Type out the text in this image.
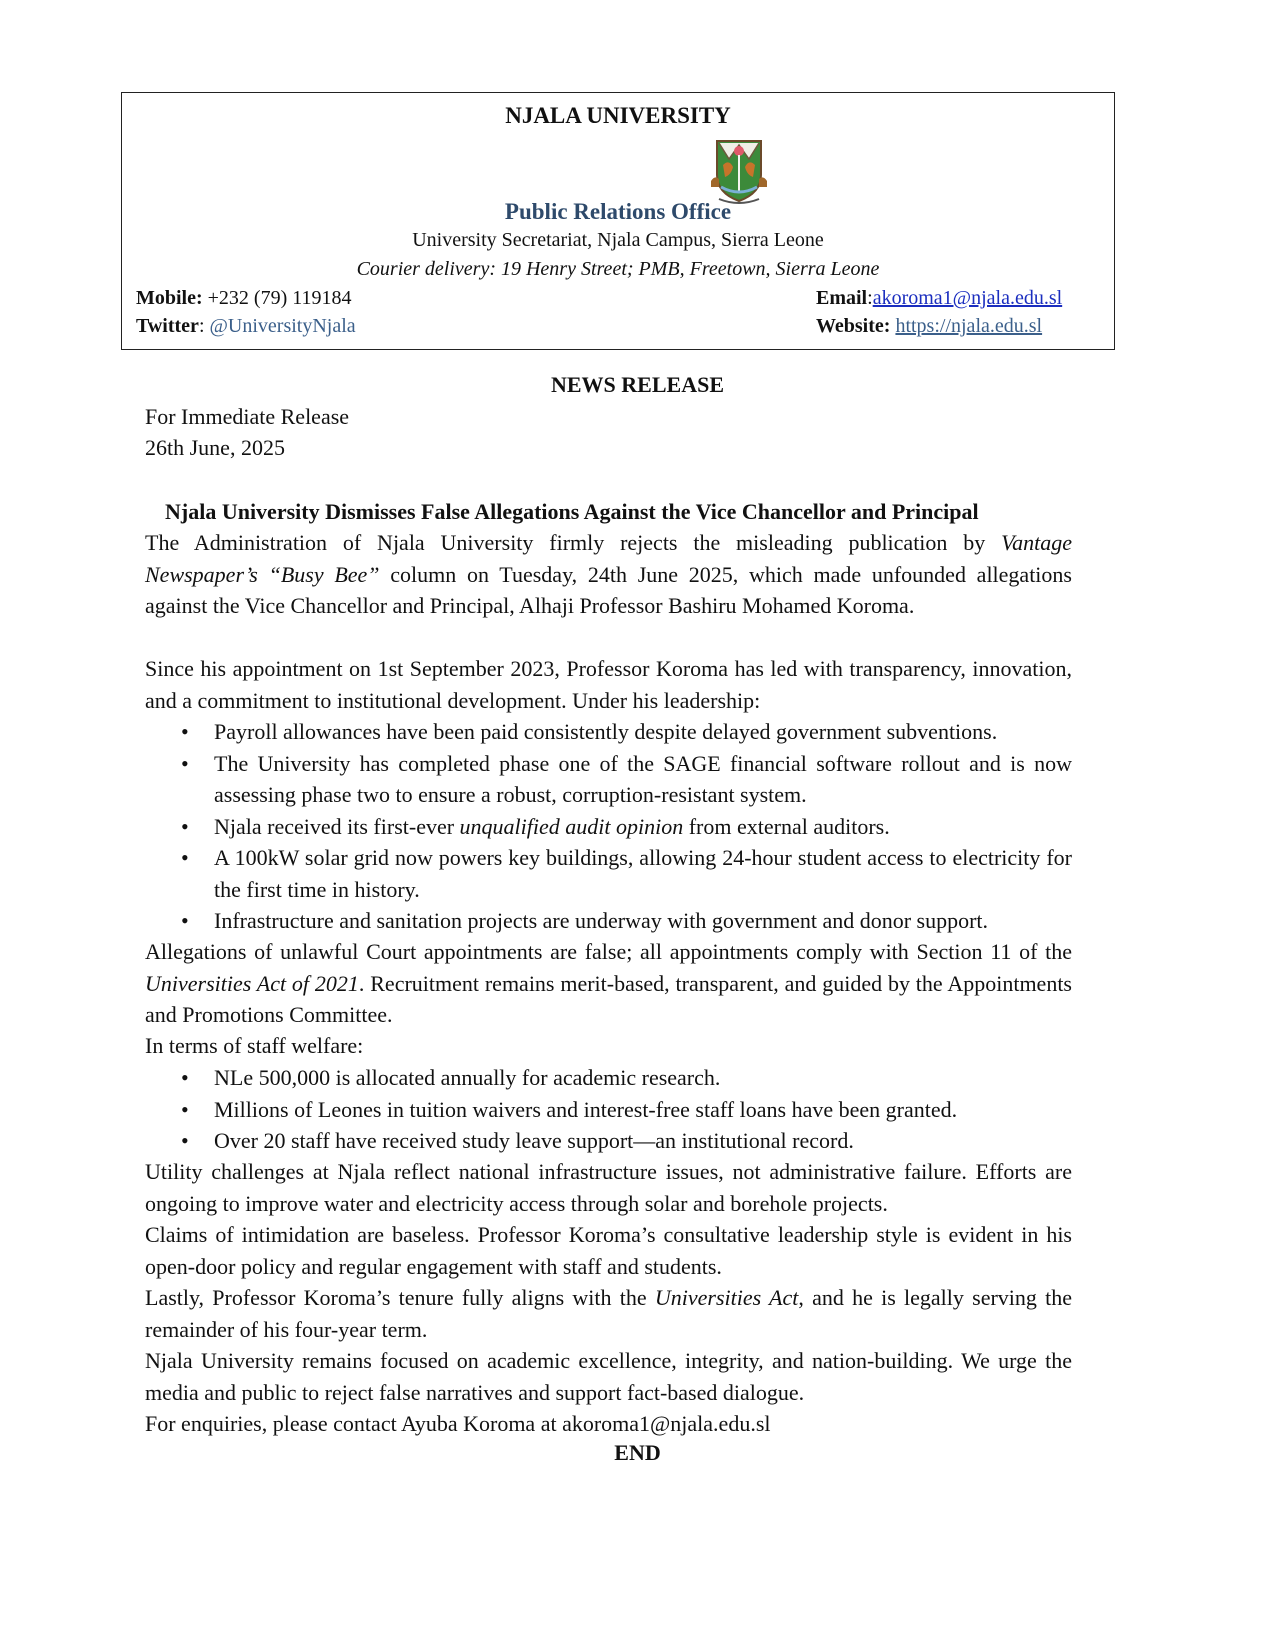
NJALA UNIVERSITY
Public Relations Office
University Secretariat, Njala Campus, Sierra Leone
Courier delivery: 19 Henry Street; PMB, Freetown, Sierra Leone
Mobile: +232 (79) 119184
Twitter: @UniversityNjala
Email:akoroma1@njala.edu.sl
Website: https://njala.edu.sl
NEWS RELEASE
For Immediate Release
26th June, 2025
Njala University Dismisses False Allegations Against the Vice Chancellor and Principal
The Administration of Njala University firmly rejects the misleading publication by Vantage Newspaper’s “Busy Bee” column on Tuesday, 24th June 2025, which made unfounded allegations against the Vice Chancellor and Principal, Alhaji Professor Bashiru Mohamed Koroma.
Since his appointment on 1st September 2023, Professor Koroma has led with transparency, innovation, and a commitment to institutional development. Under his leadership:
• Payroll allowances have been paid consistently despite delayed government subventions.
• The University has completed phase one of the SAGE financial software rollout and is now assessing phase two to ensure a robust, corruption-resistant system.
• Njala received its first-ever unqualified audit opinion from external auditors.
• A 100kW solar grid now powers key buildings, allowing 24-hour student access to electricity for the first time in history.
• Infrastructure and sanitation projects are underway with government and donor support.
Allegations of unlawful Court appointments are false; all appointments comply with Section 11 of the Universities Act of 2021. Recruitment remains merit-based, transparent, and guided by the Appointments and Promotions Committee.
In terms of staff welfare:
• NLe 500,000 is allocated annually for academic research.
• Millions of Leones in tuition waivers and interest-free staff loans have been granted.
• Over 20 staff have received study leave support—an institutional record.
Utility challenges at Njala reflect national infrastructure issues, not administrative failure. Efforts are ongoing to improve water and electricity access through solar and borehole projects.
Claims of intimidation are baseless. Professor Koroma’s consultative leadership style is evident in his open-door policy and regular engagement with staff and students.
Lastly, Professor Koroma’s tenure fully aligns with the Universities Act, and he is legally serving the remainder of his four-year term.
Njala University remains focused on academic excellence, integrity, and nation-building. We urge the media and public to reject false narratives and support fact-based dialogue.
For enquiries, please contact Ayuba Koroma at akoroma1@njala.edu.sl
END
